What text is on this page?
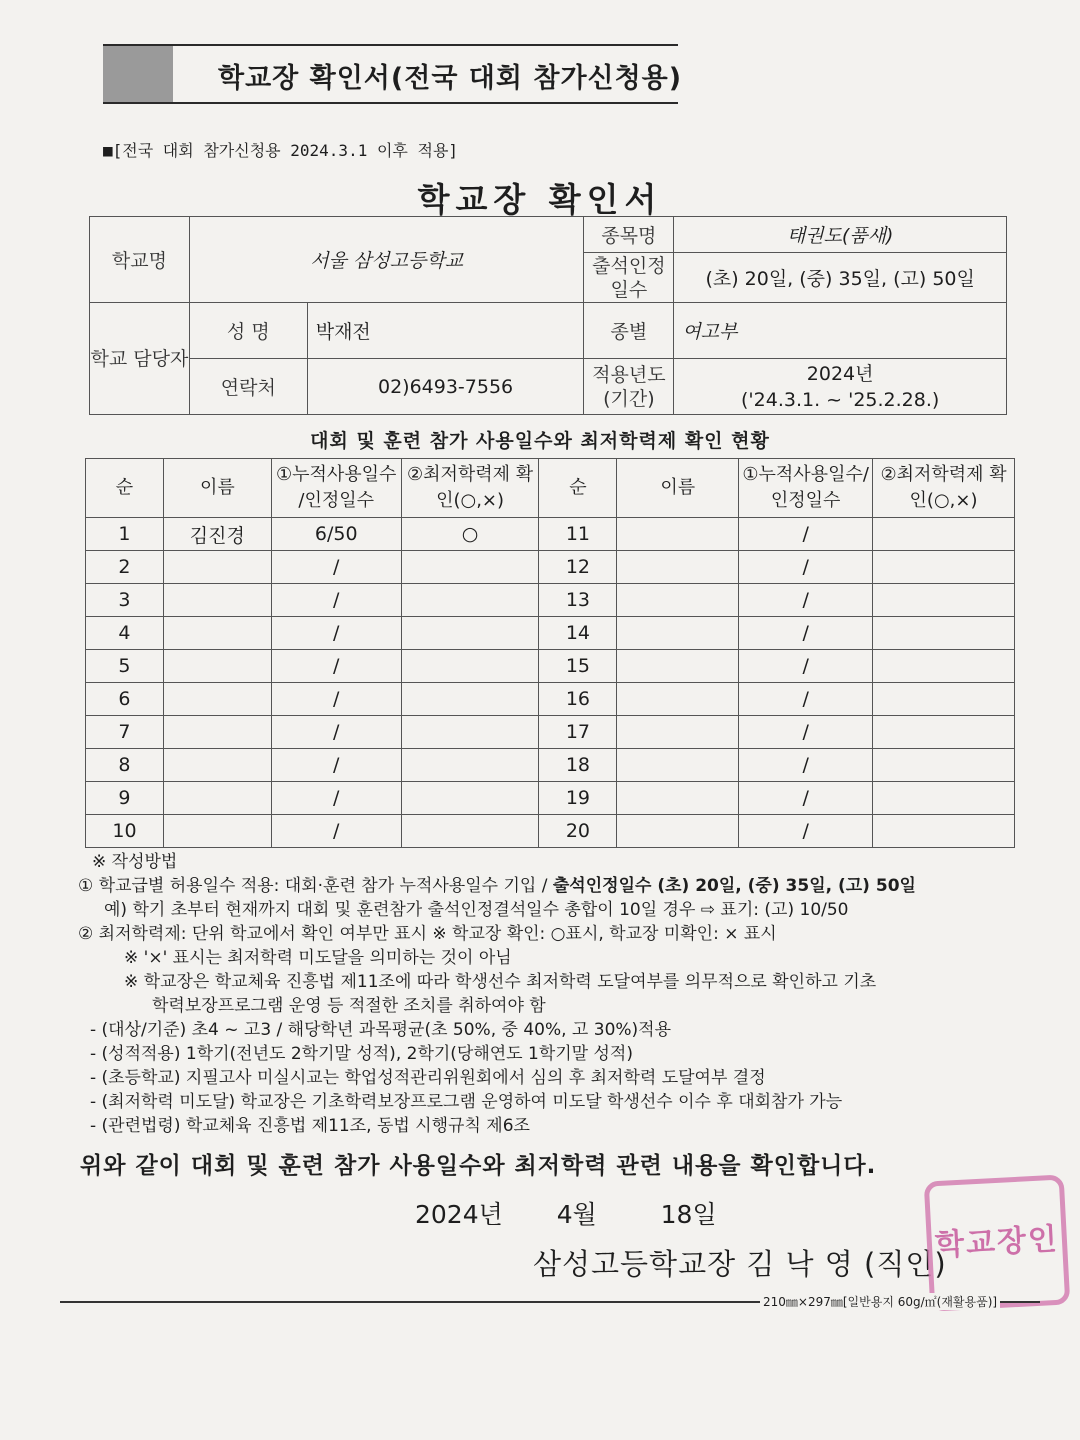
학교장 확인서(전국 대회 참가신청용)
■[전국 대회 참가신청용 2024.3.1 이후 적용]
학교장 확인서
학교명	서울 삼성고등학교		종목명	태권도(품새)
			출석인정 일수	(초) 20일, (중) 35일, (고) 50일
학교 담당자	성 명	박재전	종별	여고부
	연락처	02)6493-7556	적용년도 (기간)	2024년
('24.3.1. ~ '25.2.28.)
대회 및 훈련 참가 사용일수와 최저학력제 확인 현황
순	이름	①누적사용일수 /인정일수	②최저학력제 확인(○,×)	순	이름	①누적사용일수/ 인정일수	②최저학력제 확인(○,×)
1	김진경	6/50	○	11		/	
2		/		12		/	
3		/		13		/	
4		/		14		/	
5		/		15		/	
6		/		16		/	
7		/		17		/	
8		/		18		/	
9		/		19		/	
10		/		20		/	
※ 작성방법
① 학교급별 허용일수 적용: 대회·훈련 참가 누적사용일수 기입 / 출석인정일수 (초) 20일, (중) 35일, (고) 50일
예) 학기 초부터 현재까지 대회 및 훈련참가 출석인정결석일수 총합이 10일 경우 ⇨ 표기: (고) 10/50
② 최저학력제: 단위 학교에서 확인 여부만 표시 ※ 학교장 확인: ○표시, 학교장 미확인: × 표시
※ '×' 표시는 최저학력 미도달을 의미하는 것이 아님
※ 학교장은 학교체육 진흥법 제11조에 따라 학생선수 최저학력 도달여부를 의무적으로 확인하고 기초
학력보장프로그램 운영 등 적절한 조치를 취하여야 함
- (대상/기준) 초4 ~ 고3 / 해당학년 과목평균(초 50%, 중 40%, 고 30%)적용
- (성적적용) 1학기(전년도 2학기말 성적), 2학기(당해연도 1학기말 성적)
- (초등학교) 지필고사 미실시교는 학업성적관리위원회에서 심의 후 최저학력 도달여부 결정
- (최저학력 미도달) 학교장은 기초학력보장프로그램 운영하여 미도달 학생선수 이수 후 대회참가 가능
- (관련법령) 학교체육 진흥법 제11조, 동법 시행규칙 제6조
위와 같이 대회 및 훈련 참가 사용일수와 최저학력 관련 내용을 확인합니다.
2024년 4월	18일
삼성고등학교장 김 낙 영 (직인)
학교장인
210㎜×297㎜[일반용지 60g/㎡(재활용품)]
